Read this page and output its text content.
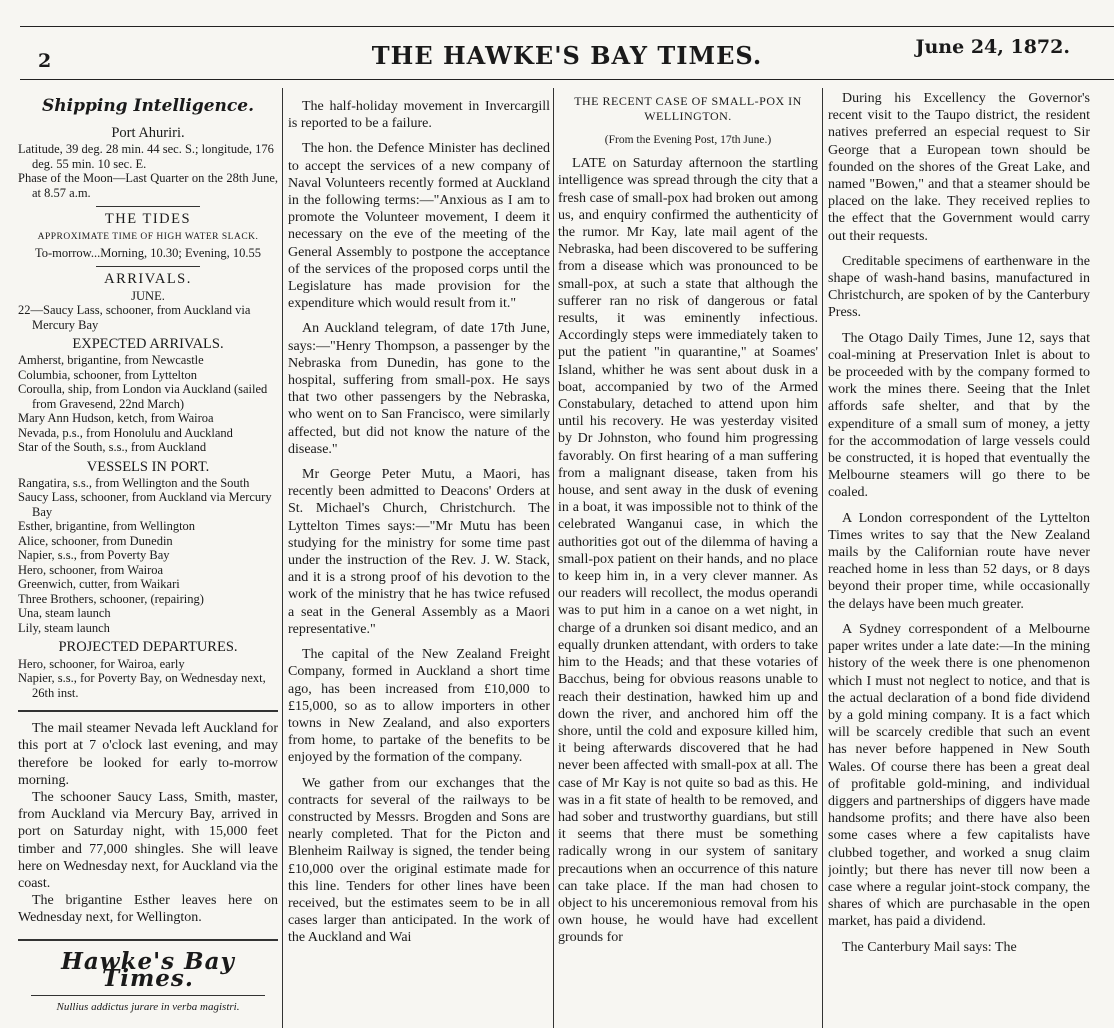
2	THE HAWKE'S BAY TIMES.	June 24, 1872.
Shipping Intelligence.
Port Ahuriri.
Latitude, 39 deg. 28 min. 44 sec. S.; longitude, 176 deg. 55 min. 10 sec. E.
Phase of the Moon—Last Quarter on the 28th June, at 8.57 a.m.
THE TIDES
APPROXIMATE TIME OF HIGH WATER SLACK.
To-morrow...Morning, 10.30; Evening, 10.55
ARRIVALS.
JUNE.
22—Saucy Lass, schooner, from Auckland via Mercury Bay
EXPECTED ARRIVALS.
Amherst, brigantine, from Newcastle
Columbia, schooner, from Lyttelton
Coroulla, ship, from London via Auckland (sailed from Gravesend, 22nd March)
Mary Ann Hudson, ketch, from Wairoa
Nevada, p.s., from Honolulu and Auckland
Star of the South, s.s., from Auckland
VESSELS IN PORT.
Rangatira, s.s., from Wellington and the South
Saucy Lass, schooner, from Auckland via Mercury Bay
Esther, brigantine, from Wellington
Alice, schooner, from Dunedin
Napier, s.s., from Poverty Bay
Hero, schooner, from Wairoa
Greenwich, cutter, from Waikari
Three Brothers, schooner, (repairing)
Una, steam launch
Lily, steam launch
PROJECTED DEPARTURES.
Hero, schooner, for Wairoa, early
Napier, s.s., for Poverty Bay, on Wednesday next, 26th inst.

The mail steamer Nevada left Auckland for this port at 7 o'clock last evening, and may therefore be looked for early to-morrow morning.

The schooner Saucy Lass, Smith, master, from Auckland via Mercury Bay, arrived in port on Saturday night, with 15,000 feet timber and 77,000 shingles. She will leave here on Wednesday next, for Auckland via the coast.

The brigantine Esther leaves here on Wednesday next, for Wellington.

Hawke's Bay Times.
Nullius addictus jurare in verba magistri.

The half-holiday movement in Invercargill is reported to be a failure.

The hon. the Defence Minister has declined to accept the services of a new company of Naval Volunteers recently formed at Auckland in the following terms:—"Anxious as I am to promote the Volunteer movement, I deem it necessary on the eve of the meeting of the General Assembly to postpone the acceptance of the services of the proposed corps until the Legislature has made provision for the expenditure which would result from it."

An Auckland telegram, of date 17th June, says:—"Henry Thompson, a passenger by the Nebraska from Dunedin, has gone to the hospital, suffering from small-pox. He says that two other passengers by the Nebraska, who went on to San Francisco, were similarly affected, but did not know the nature of the disease."

Mr George Peter Mutu, a Maori, has recently been admitted to Deacons' Orders at St. Michael's Church, Christchurch. The Lyttelton Times says:—"Mr Mutu has been studying for the ministry for some time past under the instruction of the Rev. J. W. Stack, and it is a strong proof of his devotion to the work of the ministry that he has twice refused a seat in the General Assembly as a Maori representative."

The capital of the New Zealand Freight Company, formed in Auckland a short time ago, has been increased from £10,000 to £15,000, so as to allow importers in other towns in New Zealand, and also exporters from home, to partake of the benefits to be enjoyed by the formation of the company.

We gather from our exchanges that the contracts for several of the railways to be constructed by Messrs. Brogden and Sons are nearly completed. That for the Picton and Blenheim Railway is signed, the tender being £10,000 over the original estimate made for this line. Tenders for other lines have been received, but the estimates seem to be in all cases larger than anticipated. In the work of the Auckland and Wai

THE RECENT CASE OF SMALL-POX IN WELLINGTON.
(From the Evening Post, 17th June.)

LATE on Saturday afternoon the startling intelligence was spread through the city that a fresh case of small-pox had broken out among us, and enquiry confirmed the authenticity of the rumor. Mr Kay, late mail agent of the Nebraska, had been discovered to be suffering from a disease which was pronounced to be small-pox, at such a state that although the sufferer ran no risk of dangerous or fatal results, it was eminently infectious. Accordingly steps were immediately taken to put the patient "in quarantine," at Soames' Island, whither he was sent about dusk in a boat, accompanied by two of the Armed Constabulary, detached to attend upon him until his recovery. He was yesterday visited by Dr Johnston, who found him progressing favorably. On first hearing of a man suffering from a malignant disease, taken from his house, and sent away in the dusk of evening in a boat, it was impossible not to think of the celebrated Wanganui case, in which the authorities got out of the dilemma of having a small-pox patient on their hands, and no place to keep him in, in a very clever manner. As our readers will recollect, the modus operandi was to put him in a canoe on a wet night, in charge of a drunken soi disant medico, and an equally drunken attendant, with orders to take him to the Heads; and that these votaries of Bacchus, being for obvious reasons unable to reach their destination, hawked him up and down the river, and anchored him off the shore, until the cold and exposure killed him, it being afterwards discovered that he had never been affected with small-pox at all. The case of Mr Kay is not quite so bad as this. He was in a fit state of health to be removed, and had sober and trustworthy guardians, but still it seems that there must be something radically wrong in our system of sanitary precautions when an occurrence of this nature can take place. If the man had chosen to object to his unceremonious removal from his own house, he would have had excellent grounds for

During his Excellency the Governor's recent visit to the Taupo district, the resident natives preferred an especial request to Sir George that a European town should be founded on the shores of the Great Lake, and named "Bowen," and that a steamer should be placed on the lake. They received replies to the effect that the Government would carry out their requests.

Creditable specimens of earthenware in the shape of wash-hand basins, manufactured in Christchurch, are spoken of by the Canterbury Press.

The Otago Daily Times, June 12, says that coal-mining at Preservation Inlet is about to be proceeded with by the company formed to work the mines there. Seeing that the Inlet affords safe shelter, and that by the expenditure of a small sum of money, a jetty for the accommodation of large vessels could be constructed, it is hoped that eventually the Melbourne steamers will go there to be coaled.

A London correspondent of the Lyttelton Times writes to say that the New Zealand mails by the Californian route have never reached home in less than 52 days, or 8 days beyond their proper time, while occasionally the delays have been much greater.

A Sydney correspondent of a Melbourne paper writes under a late date:—In the mining history of the week there is one phenomenon which I must not neglect to notice, and that is the actual declaration of a bond fide dividend by a gold mining company. It is a fact which will be scarcely credible that such an event has never before happened in New South Wales. Of course there has been a great deal of profitable gold-mining, and individual diggers and partnerships of diggers have made handsome profits; and there have also been some cases where a few capitalists have clubbed together, and worked a snug claim jointly; but there has never till now been a case where a regular joint-stock company, the shares of which are purchasable in the open market, has paid a dividend.

The Canterbury Mail says: The
